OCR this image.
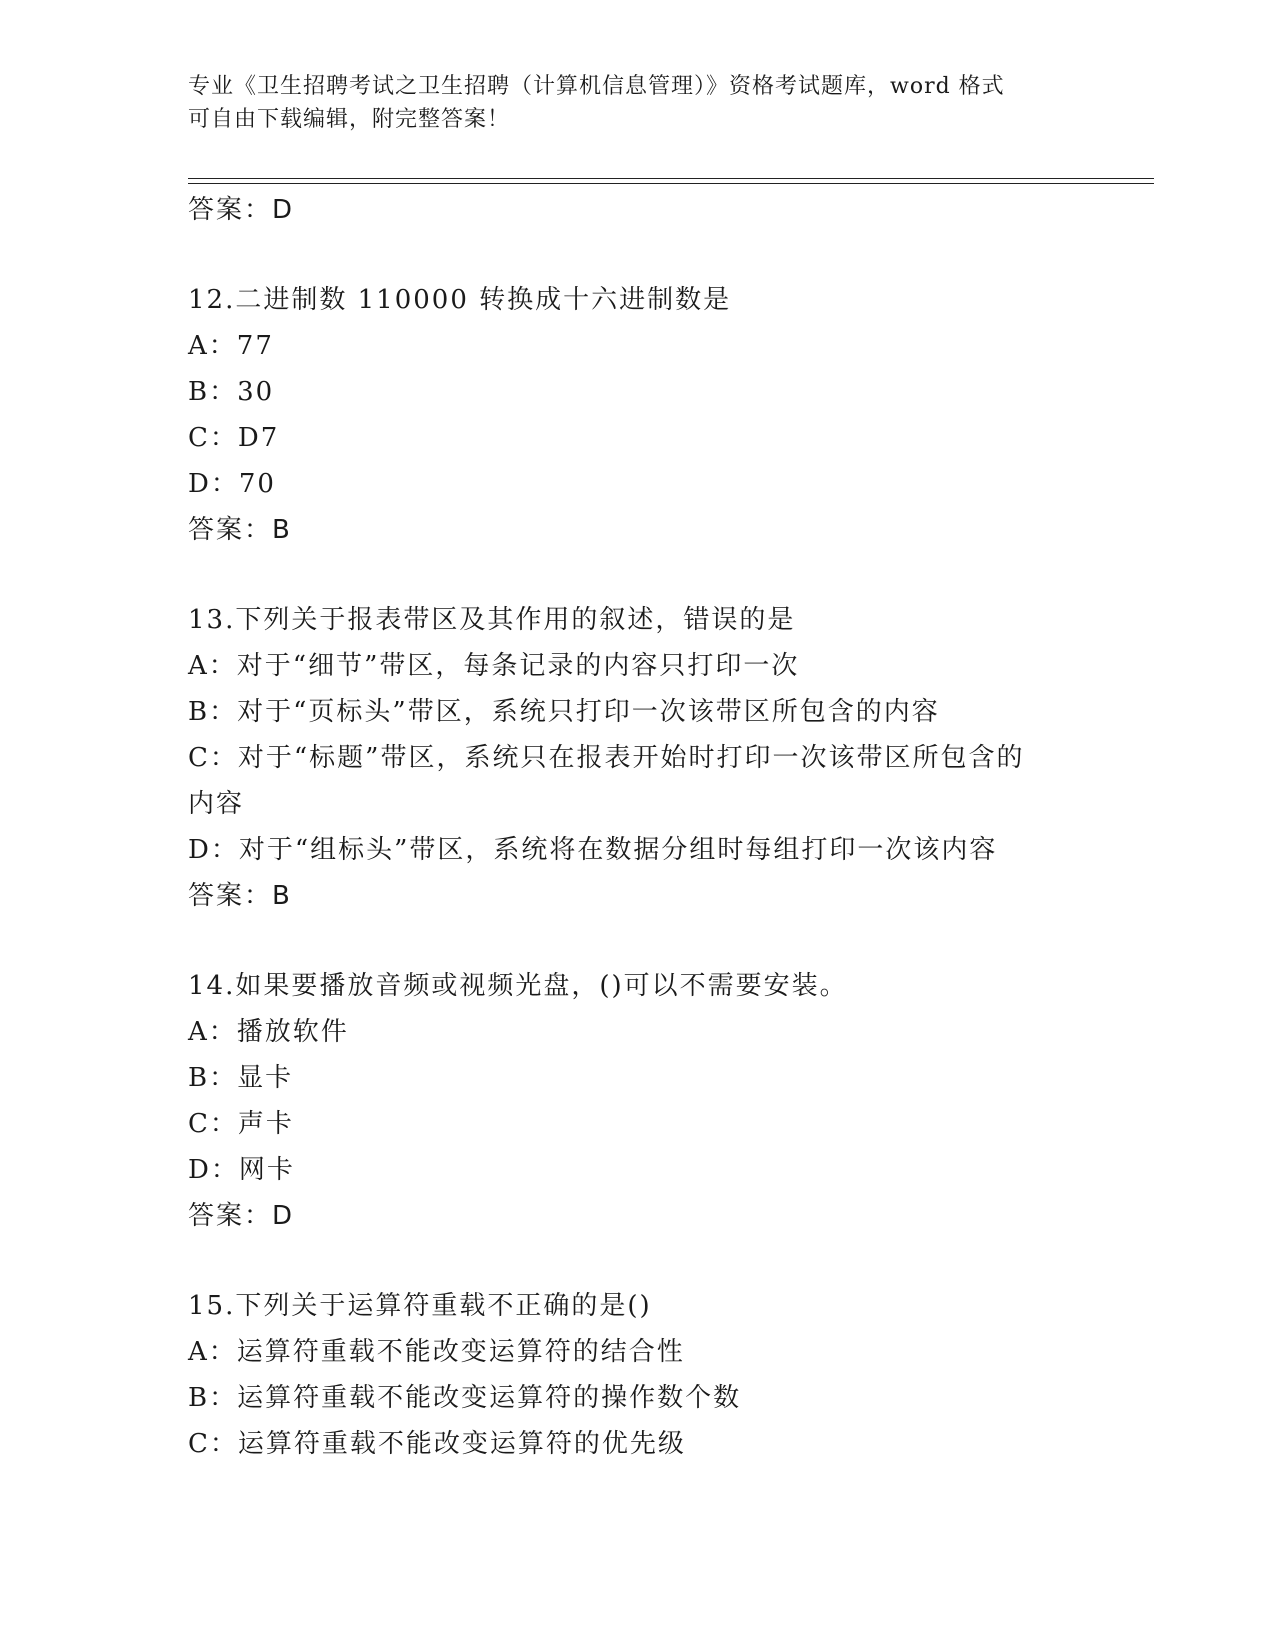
专业《卫生招聘考试之卫生招聘（计算机信息管理）》资格考试题库，word 格式
可自由下载编辑，附完整答案！
答案：D
12.二进制数 110000 转换成十六进制数是
A：77
B：30
C：D7
D：70
答案：B
13.下列关于报表带区及其作用的叙述，错误的是
A：对于“细节”带区，每条记录的内容只打印一次
B：对于“页标头”带区，系统只打印一次该带区所包含的内容
C：对于“标题”带区，系统只在报表开始时打印一次该带区所包含的
内容
D：对于“组标头”带区，系统将在数据分组时每组打印一次该内容
答案：B
14.如果要播放音频或视频光盘，()可以不需要安装。
A：播放软件
B：显卡
C：声卡
D：网卡
答案：D
15.下列关于运算符重载不正确的是()
A：运算符重载不能改变运算符的结合性
B：运算符重载不能改变运算符的操作数个数
C：运算符重载不能改变运算符的优先级
